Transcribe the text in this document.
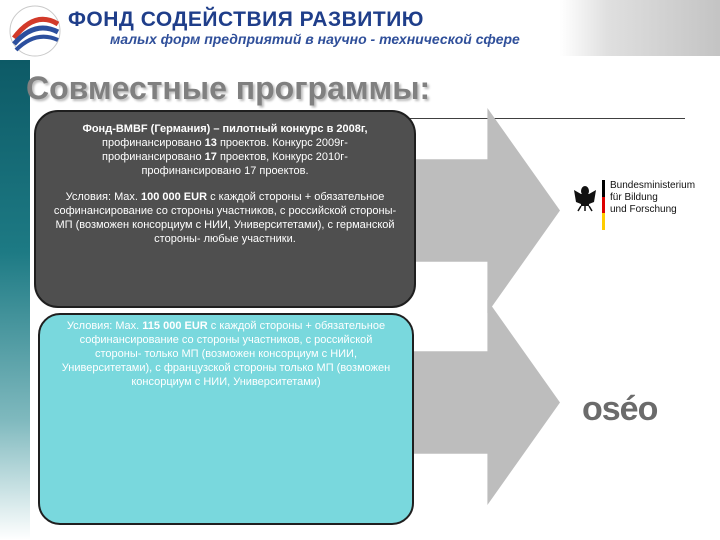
ФОНД СОДЕЙСТВИЯ РАЗВИТИЮ
малых форм предприятий в научно - технической сфере
Совместные программы:

Фонд-BMBF (Германия) – пилотный конкурс в 2008г,
профинансировано 13 проектов. Конкурс 2009г-
профинансировано 17 проектов, Конкурс 2010г-
профинансировано 17 проектов.

Условия: Max. 100 000 EUR с каждой стороны + обязательное софинансирование со стороны участников, с российской стороны- МП (возможен консорциум с НИИ, Университетами), с германской стороны- любые участники.

Условия: Max. 115 000 EUR с каждой стороны + обязательное софинансирование со стороны участников, с российской стороны- только МП (возможен консорциум с НИИ, Университетами), с французской стороны только МП (возможен консорциум с НИИ, Университетами)

Bundesministerium
für Bildung
und Forschung
oséo
